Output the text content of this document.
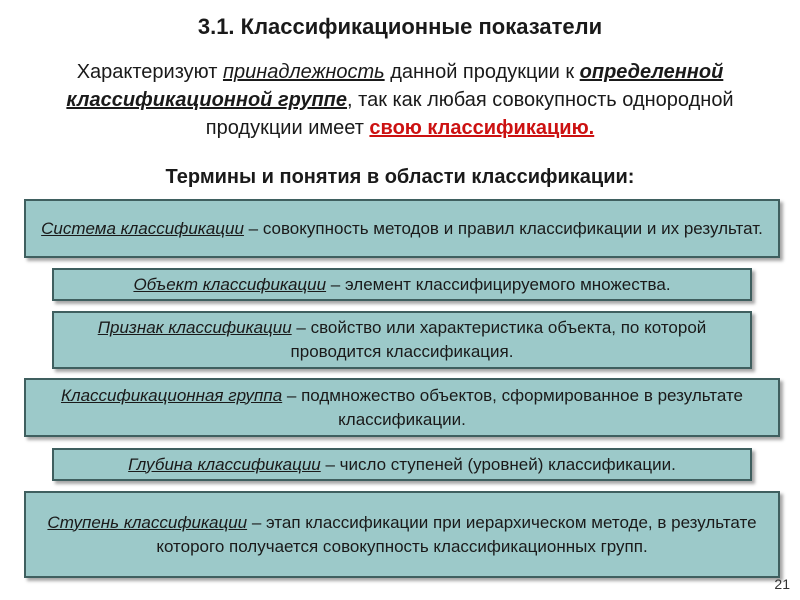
3.1. Классификационные показатели
Характеризуют принадлежность данной продукции к определенной классификационной группе, так как любая совокупность однородной продукции имеет свою классификацию.
Термины и понятия в области классификации:
Система классификации – совокупность методов и правил классификации и их результат.
Объект классификации – элемент классифицируемого множества.
Признак классификации – свойство или характеристика объекта, по которой проводится классификация.
Классификационная группа – подмножество объектов, сформированное в результате классификации.
Глубина классификации – число ступеней (уровней) классификации.
Ступень классификации – этап классификации при иерархическом методе, в результате которого получается совокупность классификационных групп.
21
